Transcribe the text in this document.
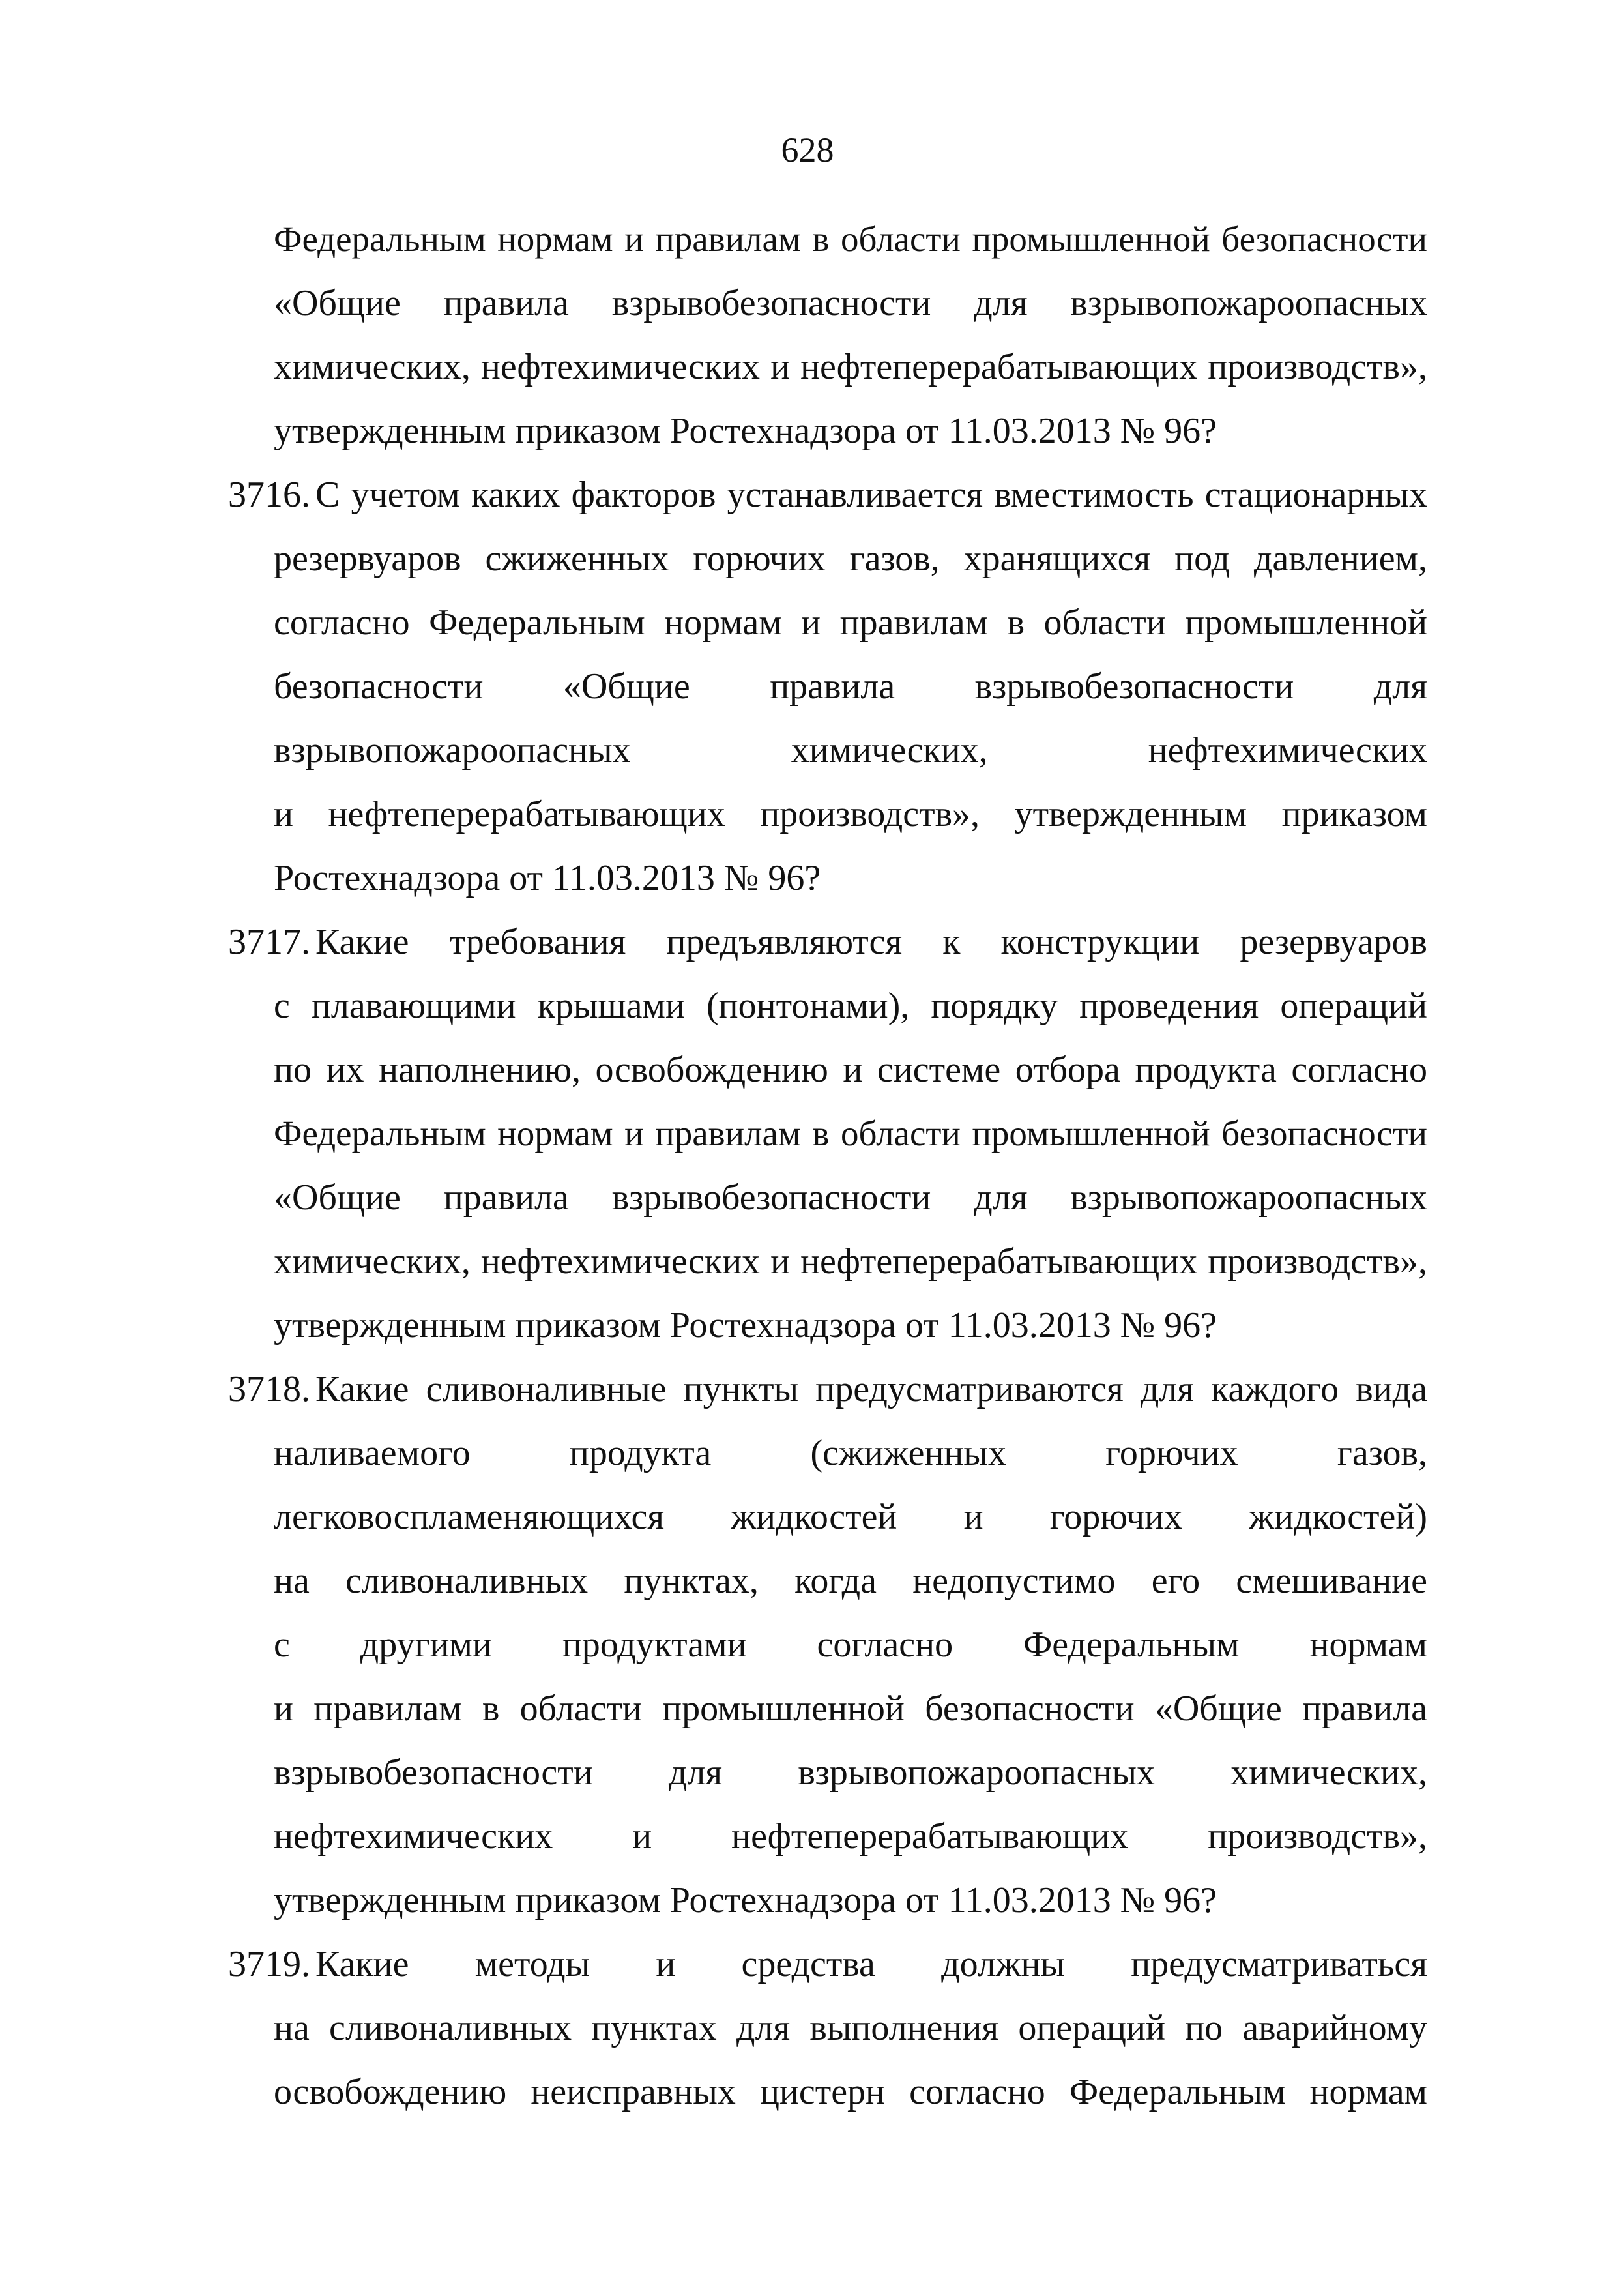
628
Федеральным нормам и правилам в области промышленной безопасности
«Общие правила взрывобезопасности для взрывопожароопасных
химических, нефтехимических и нефтеперерабатывающих производств»,
утвержденным приказом Ростехнадзора от 11.03.2013 № 96?
3716. С учетом каких факторов устанавливается вместимость стационарных
резервуаров сжиженных горючих газов, хранящихся под давлением,
согласно Федеральным нормам и правилам в области промышленной
безопасности «Общие правила взрывобезопасности для
взрывопожароопасных химических, нефтехимических
и нефтеперерабатывающих производств», утвержденным приказом
Ростехнадзора от 11.03.2013 № 96?
3717. Какие требования предъявляются к конструкции резервуаров
с плавающими крышами (понтонами), порядку проведения операций
по их наполнению, освобождению и системе отбора продукта согласно
Федеральным нормам и правилам в области промышленной безопасности
«Общие правила взрывобезопасности для взрывопожароопасных
химических, нефтехимических и нефтеперерабатывающих производств»,
утвержденным приказом Ростехнадзора от 11.03.2013 № 96?
3718. Какие сливоналивные пункты предусматриваются для каждого вида
наливаемого продукта (сжиженных горючих газов,
легковоспламеняющихся жидкостей и горючих жидкостей)
на сливоналивных пунктах, когда недопустимо его смешивание
с другими продуктами согласно Федеральным нормам
и правилам в области промышленной безопасности «Общие правила
взрывобезопасности для взрывопожароопасных химических,
нефтехимических и нефтеперерабатывающих производств»,
утвержденным приказом Ростехнадзора от 11.03.2013 № 96?
3719. Какие методы и средства должны предусматриваться
на сливоналивных пунктах для выполнения операций по аварийному
освобождению неисправных цистерн согласно Федеральным нормам
